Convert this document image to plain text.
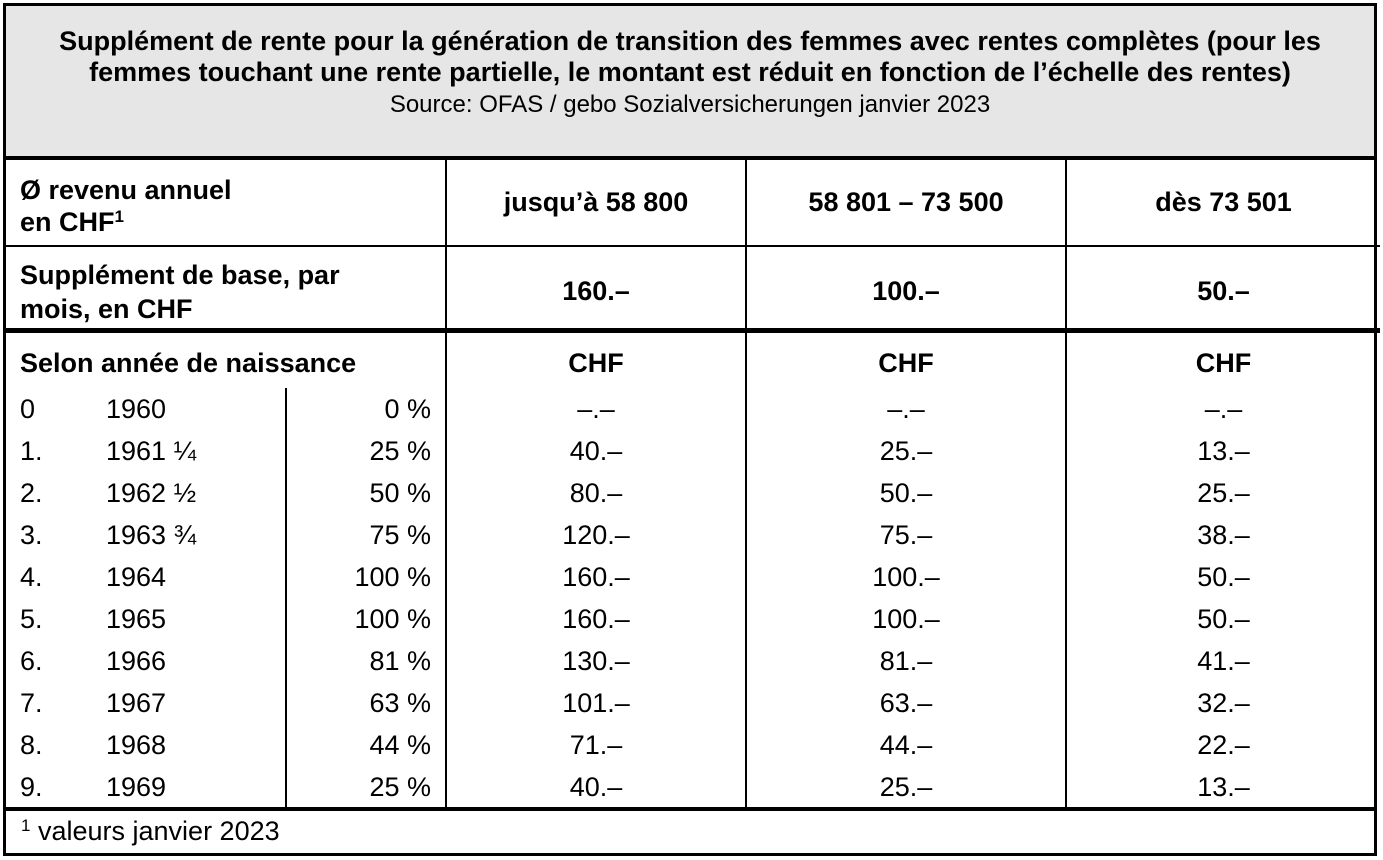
Supplément de rente pour la génération de transition des femmes avec rentes complètes (pour les femmes touchant une rente partielle, le montant est réduit en fonction de l’échelle des rentes)

Source: OFAS / gebo Sozialversicherungen janvier 2023

Ø revenu annuel
en CHF$^1$			jusqu’à 58 800	58 801 – 73 500	dès 73 501
Supplément de base, par
mois, en CHF			160.–	100.–	50.–
Selon année de naissance			CHF	CHF	CHF
0	1960	0 %	–.–	–.–	–.–
1.	1961 ¼	25 %	40.–	25.–	13.–
2.	1962 ½	50 %	80.–	50.–	25.–
3.	1963 ¾	75 %	120.–	75.–	38.–
4.	1964	100 %	160.–	100.–	50.–
5.	1965	100 %	160.–	100.–	50.–
6.	1966	81 %	130.–	81.–	41.–
7.	1967	63 %	101.–	63.–	32.–
8.	1968	44 %	71.–	44.–	22.–
9.	1969	25 %	40.–	25.–	13.–
$^1$ valeurs janvier 2023
